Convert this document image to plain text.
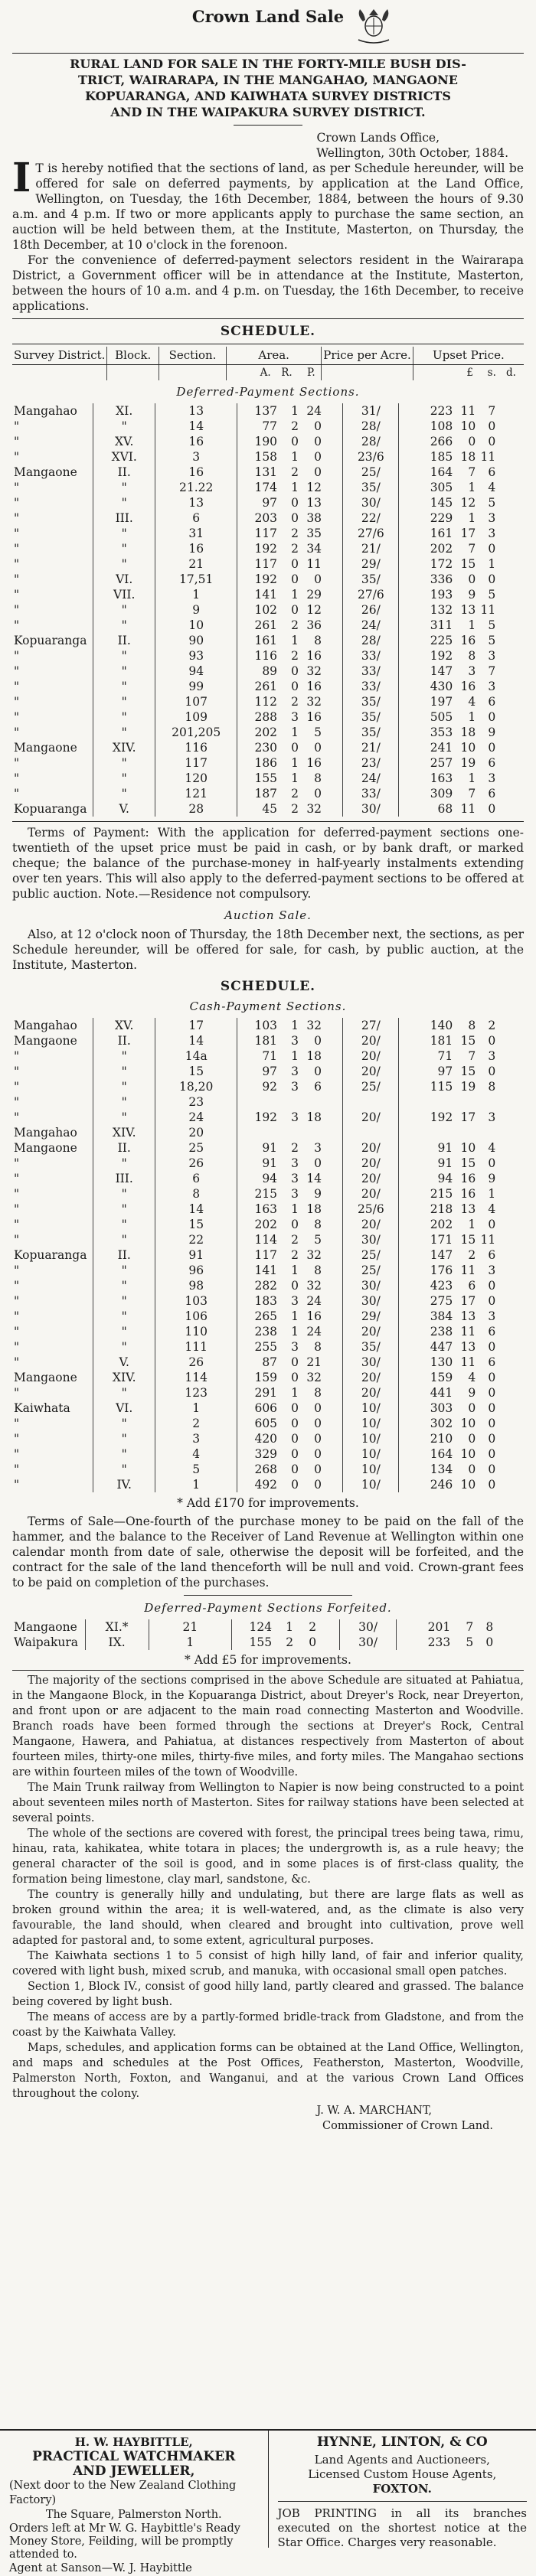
Crown Land Sale
RURAL LAND FOR SALE IN THE FORTY-MILE BUSH DIS-
TRICT, WAIRARAPA, IN THE MANGAHAO, MANGAONE
KOPUARANGA, AND KAIWHATA SURVEY DISTRICTS
AND IN THE WAIPAKURA SURVEY DISTRICT.
Crown Lands Office,
Wellington, 30th October, 1884.

I T is hereby notified that the sections of land, as per Schedule hereunder, will be offered for sale on deferred payments, by application at the Land Office, Wellington, on Tuesday, the 16th December, 1884, between the hours of 9.30 a.m. and 4 p.m. If two or more applicants apply to purchase the same section, an auction will be held between them, at the Institute, Masterton, on Thursday, the 18th December, at 10 o'clock in the forenoon.

For the convenience of deferred-payment selectors resident in the Wairarapa District, a Government officer will be in attendance at the Institute, Masterton, between the hours of 10 a.m. and 4 p.m. on Tuesday, the 16th December, to receive applications.

SCHEDULE.
Survey District.	Block.	Section.	Area.	Price per Acre.	Upset Price.
			A. R. P.		£ s. d.
Deferred-Payment Sections.
Mangahao	XI.	13	137 1 24	31/	223 11 7
"	"	14	77 2 0	28/	108 10 0
"	XV.	16	190 0 0	28/	266 0 0
"	XVI.	3	158 1 0	23/6	185 18 11
Mangaone	II.	16	131 2 0	25/	164 7 6
"	"	21.22	174 1 12	35/	305 1 4
"	"	13	97 0 13	30/	145 12 5
"	III.	6	203 0 38	22/	229 1 3
"	"	31	117 2 35	27/6	161 17 3
"	"	16	192 2 34	21/	202 7 0
"	"	21	117 0 11	29/	172 15 1
"	VI.	17,51	192 0 0	35/	336 0 0
"	VII.	1	141 1 29	27/6	193 9 5
"	"	9	102 0 12	26/	132 13 11
"	"	10	261 2 36	24/	311 1 5
Kopuaranga	II.	90	161 1 8	28/	225 16 5
"	"	93	116 2 16	33/	192 8 3
"	"	94	89 0 32	33/	147 3 7
"	"	99	261 0 16	33/	430 16 3
"	"	107	112 2 32	35/	197 4 6
"	"	109	288 3 16	35/	505 1 0
"	"	201,205	202 1 5	35/	353 18 9
Mangaone	XIV.	116	230 0 0	21/	241 10 0
"	"	117	186 1 16	23/	257 19 6
"	"	120	155 1 8	24/	163 1 3
"	"	121	187 2 0	33/	309 7 6
Kopuaranga	V.	28	45 2 32	30/	68 11 0

Terms of Payment: With the application for deferred-payment sections one-twentieth of the upset price must be paid in cash, or by bank draft, or marked cheque; the balance of the purchase-money in half-yearly instalments extending over ten years. This will also apply to the deferred-payment sections to be offered at public auction. Note.—Residence not compulsory.

Auction Sale.

Also, at 12 o'clock noon of Thursday, the 18th December next, the sections, as per Schedule hereunder, will be offered for sale, for cash, by public auction, at the Institute, Masterton.

SCHEDULE.
Cash-Payment Sections.
Mangahao	XV.	17	103 1 32	27/	140 8 2
Mangaone	II.	14	181 3 0	20/	181 15 0
"	"	14a	71 1 18	20/	71 7 3
"	"	15	97 3 0	20/	97 15 0
"	"	18,20	92 3 6	25/	115 19 8
"	"	23			
"	"	24	192 3 18	20/	192 17 3
Mangahao	XIV.	20			
Mangaone	II.	25	91 2 3	20/	91 10 4
"	"	26	91 3 0	20/	91 15 0
"	III.	6	94 3 14	20/	94 16 9
"	"	8	215 3 9	20/	215 16 1
"	"	14	163 1 18	25/6	218 13 4
"	"	15	202 0 8	20/	202 1 0
"	"	22	114 2 5	30/	171 15 11
Kopuaranga	II.	91	117 2 32	25/	147 2 6
"	"	96	141 1 8	25/	176 11 3
"	"	98	282 0 32	30/	423 6 0
"	"	103	183 3 24	30/	275 17 0
"	"	106	265 1 16	29/	384 13 3
"	"	110	238 1 24	20/	238 11 6
"	"	111	255 3 8	35/	447 13 0
"	V.	26	87 0 21	30/	130 11 6
Mangaone	XIV.	114	159 0 32	20/	159 4 0
"	"	123	291 1 8	20/	441 9 0
Kaiwhata	VI.	1	606 0 0	10/	303 0 0
"	"	2	605 0 0	10/	302 10 0
"	"	3	420 0 0	10/	210 0 0
"	"	4	329 0 0	10/	164 10 0
"	"	5	268 0 0	10/	134 0 0
"	IV.	1	492 0 0	10/	246 10 0
* Add £170 for improvements.

Terms of Sale—One-fourth of the purchase money to be paid on the fall of the hammer, and the balance to the Receiver of Land Revenue at Wellington within one calendar month from date of sale, otherwise the deposit will be forfeited, and the contract for the sale of the land thenceforth will be null and void. Crown-grant fees to be paid on completion of the purchases.

Deferred-Payment Sections Forfeited.
Mangaone	XI.*	21	124 1 2	30/	201 7 8
Waipakura	IX.	1	155 2 0	30/	233 5 0
* Add £5 for improvements.

The majority of the sections comprised in the above Schedule are situated at Pahiatua, in the Mangaone Block, in the Kopuaranga District, about Dreyer's Rock, near Dreyerton, and front upon or are adjacent to the main road connecting Masterton and Woodville. Branch roads have been formed through the sections at Dreyer's Rock, Central Mangaone, Hawera, and Pahiatua, at distances respectively from Masterton of about fourteen miles, thirty-one miles, thirty-five miles, and forty miles. The Mangahao sections are within fourteen miles of the town of Woodville.

The Main Trunk railway from Wellington to Napier is now being constructed to a point about seventeen miles north of Masterton. Sites for railway stations have been selected at several points.

The whole of the sections are covered with forest, the principal trees being tawa, rimu, hinau, rata, kahikatea, white totara in places; the undergrowth is, as a rule heavy; the general character of the soil is good, and in some places is of first-class quality, the formation being limestone, clay marl, sandstone, &c.

The country is generally hilly and undulating, but there are large flats as well as broken ground within the area; it is well-watered, and, as the climate is also very favourable, the land should, when cleared and brought into cultivation, prove well adapted for pastoral and, to some extent, agricultural purposes.

The Kaiwhata sections 1 to 5 consist of high hilly land, of fair and inferior quality, covered with light bush, mixed scrub, and manuka, with occasional small open patches.

Section 1, Block IV., consist of good hilly land, partly cleared and grassed. The balance being covered by light bush.

The means of access are by a partly-formed bridle-track from Gladstone, and from the coast by the Kaiwhata Valley.

Maps, schedules, and application forms can be obtained at the Land Office, Wellington, and maps and schedules at the Post Offices, Featherston, Masterton, Woodville, Palmerston North, Foxton, and Wanganui, and at the various Crown Land Offices throughout the colony.

J. W. A. MARCHANT,
Commissioner of Crown Land.
H. W. HAYBITTLE,
PRACTICAL WATCHMAKER
AND JEWELLER,
(Next door to the New Zealand Clothing Factory)
The Square, Palmerston North.
Orders left at Mr W. G. Haybittle's Ready Money Store, Feilding, will be promptly attended to.
Agent at Sanson—W. J. Haybittle
HYNNE, LINTON, & CO
Land Agents and Auctioneers,
Licensed Custom House Agents,
FOXTON.
JOB PRINTING in all its branches executed on the shortest notice at the Star Office. Charges very reasonable.
